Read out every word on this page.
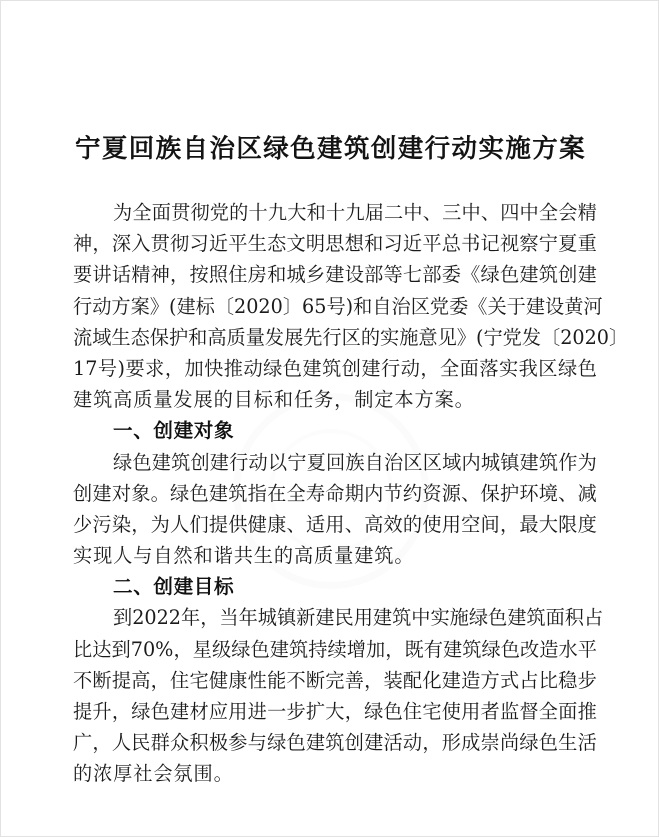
宁夏回族自治区绿色建筑创建行动实施方案
为 全 面 贯 彻 党 的 十 九 大 和 十 九 届 二 中 、 三 中 、 四 中 全 会 精
神 ， 深 入 贯 彻 习 近 平 生 态 文 明 思 想 和 习 近 平 总 书 记 视 察 宁 夏 重
要 讲 话 精 神 ， 按 照 住 房 和 城 乡 建 设 部 等 七 部 委 《 绿 色 建 筑 创 建
行 动 方 案 》 ( 建 标 〔 2020 〕 65 号 ) 和 自 治 区 党 委 《 关 于 建 设 黄 河
流 域 生 态 保 护 和 高 质 量 发 展 先 行 区 的 实 施 意 见 》 ( 宁 党 发 〔 2020 〕
17 号 ) 要 求 ， 加 快 推 动 绿 色 建 筑 创 建 行 动 ， 全 面 落 实 我 区 绿 色
建筑高质量发展的目标和任务，制定本方案。
一、创建对象
绿 色 建 筑 创 建 行 动 以 宁 夏 回 族 自 治 区 区 域 内 城 镇 建 筑 作 为
创 建 对 象 。 绿 色 建 筑 指 在 全 寿 命 期 内 节 约 资 源 、 保 护 环 境 、 减
少 污 染 ， 为 人 们 提 供 健 康 、 适 用 、 高 效 的 使 用 空 间 ， 最 大 限 度
实现人与自然和谐共生的高质量建筑。
二、创建目标
到 2022 年 ， 当 年 城 镇 新 建 民 用 建 筑 中 实 施 绿 色 建 筑 面 积 占
比 达 到 70% ， 星 级 绿 色 建 筑 持 续 增 加 ， 既 有 建 筑 绿 色 改 造 水 平
不 断 提 高 ， 住 宅 健 康 性 能 不 断 完 善 ， 装 配 化 建 造 方 式 占 比 稳 步
提 升 ， 绿 色 建 材 应 用 进 一 步 扩 大 ， 绿 色 住 宅 使 用 者 监 督 全 面 推
广 ， 人 民 群 众 积 极 参 与 绿 色 建 筑 创 建 活 动 ， 形 成 崇 尚 绿 色 生 活
的浓厚社会氛围。
